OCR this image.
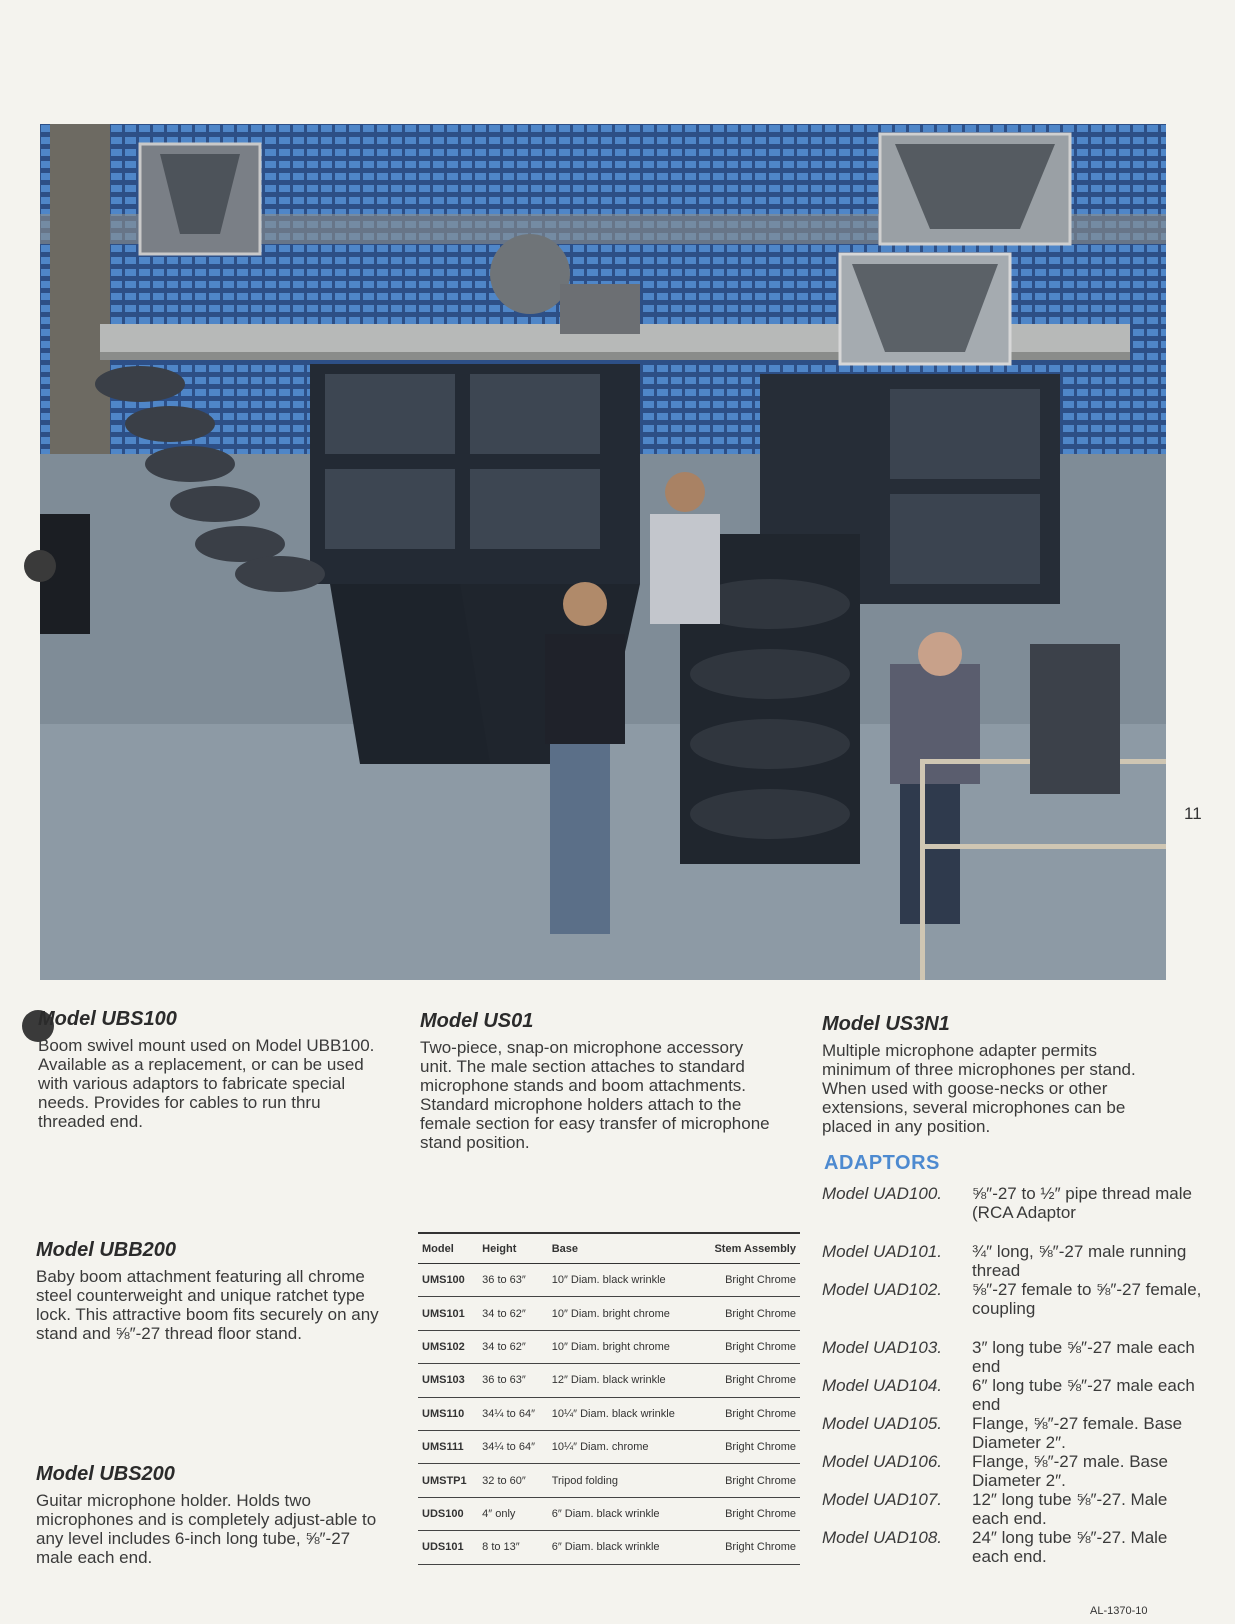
11
Model UBS100

Boom swivel mount used on Model UBB100. Available as a replacement, or can be used with various adaptors to fabricate special needs. Provides for cables to run thru threaded end.

Model UBB200

Baby boom attachment featuring all chrome steel counterweight and unique ratchet type lock. This attractive boom fits securely on any stand and ⅝″-27 thread floor stand.

Model UBS200

Guitar microphone holder. Holds two microphones and is completely adjust-able to any level includes 6-inch long tube, ⅝″-27 male each end.

Model US01

Two-piece, snap-on microphone accessory unit. The male section attaches to standard microphone stands and boom attachments. Standard microphone holders attach to the female section for easy transfer of microphone stand position.

Model	Height	Base	Stem Assembly
UMS100	36 to 63″	10″ Diam. black wrinkle	Bright Chrome
UMS101	34 to 62″	10″ Diam. bright chrome	Bright Chrome
UMS102	34 to 62″	10″ Diam. bright chrome	Bright Chrome
UMS103	36 to 63″	12″ Diam. black wrinkle	Bright Chrome
UMS110	34¼ to 64″	10¼″ Diam. black wrinkle	Bright Chrome
UMS111	34¼ to 64″	10¼″ Diam. chrome	Bright Chrome
UMSTP1	32 to 60″	Tripod folding	Bright Chrome
UDS100	4″ only	6″ Diam. black wrinkle	Bright Chrome
UDS101	8 to 13″	6″ Diam. black wrinkle	Bright Chrome
Model US3N1

Multiple microphone adapter permits minimum of three microphones per stand. When used with goose-necks or other extensions, several microphones can be placed in any position.

ADAPTORS
Model UAD100.	⅝″-27 to ½″ pipe thread male (RCA Adaptor
Model UAD101.	¾″ long, ⅝″-27 male running thread
Model UAD102.	⅝″-27 female to ⅝″-27 female, coupling
Model UAD103.	3″ long tube ⅝″-27 male each end
Model UAD104.	6″ long tube ⅝″-27 male each end
Model UAD105.	Flange, ⅝″-27 female. Base Diameter 2″.
Model UAD106.	Flange, ⅝″-27 male. Base Diameter 2″.
Model UAD107.	12″ long tube ⅝″-27. Male each end.
Model UAD108.	24″ long tube ⅝″-27. Male each end.
AL-1370-10
